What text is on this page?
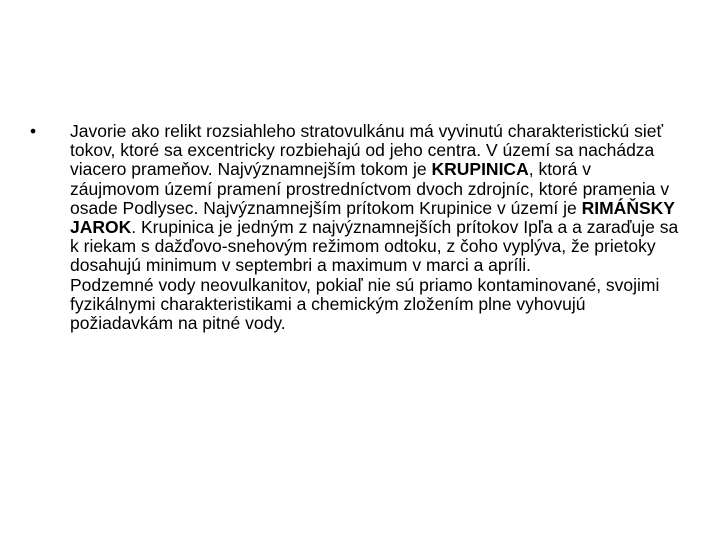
•	Javorie ako relikt rozsiahleho stratovulkánu má vyvinutú charakteristickú sieť tokov, ktoré sa excentricky rozbiehajú od jeho centra. V území sa nachádza viacero prameňov. Najvýznamnejším tokom je KRUPINICA, ktorá v záujmovom území pramení prostredníctvom dvoch zdrojníc, ktoré pramenia v osade Podlysec. Najvýznamnejším prítokom Krupinice v území je RIMÁŇSKY JAROK. Krupinica je jedným z najvýznamnejších prítokov Ipľa a a zaraďuje sa k riekam s dažďovo-snehovým režimom odtoku, z čoho vyplýva, že prietoky dosahujú minimum v septembri a maximum v marci a apríli.

Podzemné vody neovulkanitov, pokiaľ nie sú priamo kontaminované, svojimi fyzikálnymi charakteristikami a chemickým zložením plne vyhovujú požiadavkám na pitné vody.
